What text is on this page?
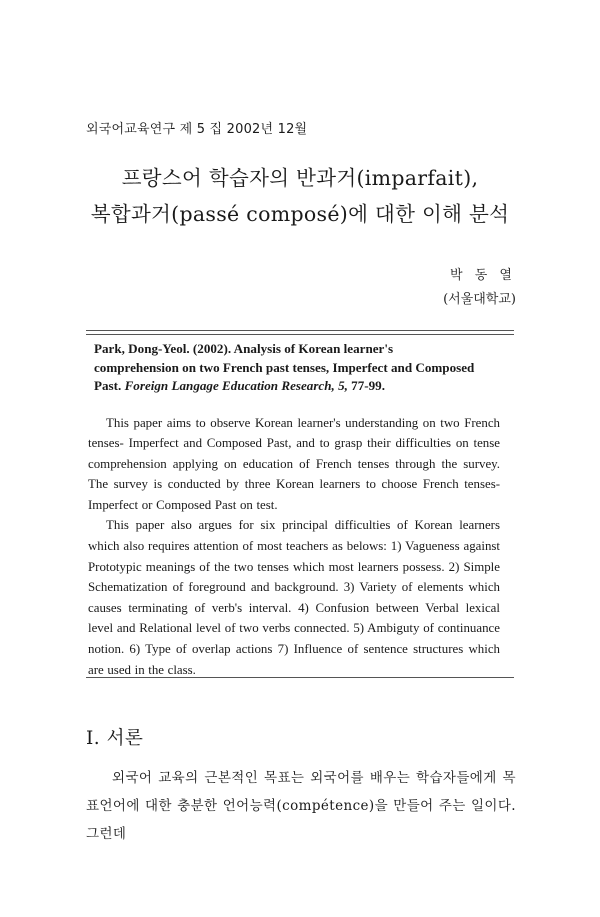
외국어교육연구 제 5 집 2002년 12월
프랑스어 학습자의 반과거(imparfait),
복합과거(passé composé)에 대한 이해 분석
박 동 열
(서울대학교)

Park, Dong-Yeol. (2002). Analysis of Korean learner's
comprehension on two French past tenses, Imperfect and Composed
Past. Foreign Langage Education Research, 5, 77-99.

This paper aims to observe Korean learner's understanding on two French tenses- Imperfect and Composed Past, and to grasp their difficulties on tense comprehension applying on education of French tenses through the survey. The survey is conducted by three Korean learners to choose French tenses- Imperfect or Composed Past on test.

This paper also argues for six principal difficulties of Korean learners which also requires attention of most teachers as belows: 1) Vagueness against Prototypic meanings of the two tenses which most learners possess. 2) Simple Schematization of foreground and background. 3) Variety of elements which causes terminating of verb's interval. 4) Confusion between Verbal lexical level and Relational level of two verbs connected. 5) Ambiguty of continuance notion. 6) Type of overlap actions 7) Influence of sentence structures which are used in the class.

I. 서론

외국어 교육의 근본적인 목표는 외국어를 배우는 학습자들에게 목표언어에 대한 충분한 언어능력(compétence)을 만들어 주는 일이다. 그런데
